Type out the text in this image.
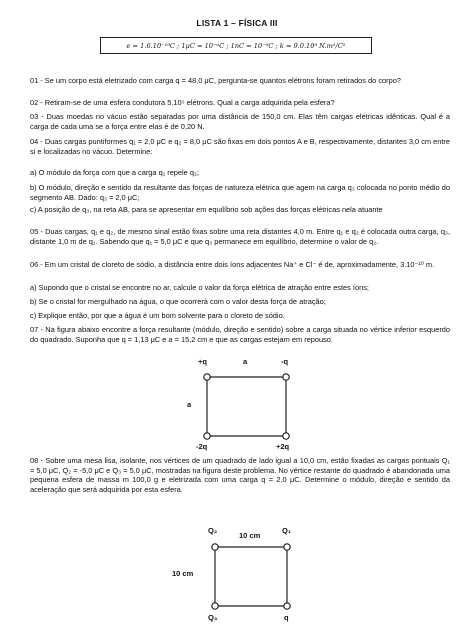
LISTA 1 – FÍSICA III
e = 1.6.10⁻¹⁹C ; 1μC = 10⁻⁶C ; 1nC = 10⁻⁹C ; k = 9.0.10⁹ N.m²/C²
01 - Se um corpo está eletrizado com carga q = 48,0 μC, pergunta-se quantos elétrons foram retirados do corpo?
02 - Retiram-se de uma esfera condutora 5.10⁵ elétrons. Qual a carga adquirida pela esfera?
03 - Duas moedas no vácuo estão separadas por uma distância de 150,0 cm. Elas têm cargas elétricas idênticas. Qual é a carga de cada uma se a força entre elas é de 0,20 N.
04 - Duas cargas puntiformes q₁ = 2,0 μC e q₂ = 8,0 μC são fixas em dois pontos A e B, respectivamente, distantes 3,0 cm entre si e localizadas no vácuo. Determine:
a) O módulo da força com que a carga q₁ repele q₂;
b) O módulo, direção e sentido da resultante das forças de natureza elétrica que agem na carga q₃ colocada no ponto médio do segmento AB. Dado: q₃ = 2,0 μC;
c) A posição de q₃, na reta AB, para se apresentar em equilíbrio sob ações das forças elétricas nela atuante
05 - Duas cargas, q₁ e q₂, de mesmo sinal estão fixas sobre uma reta distantes 4,0 m. Entre q₁ e q₂ é colocada outra carga, q₃, distante 1,0 m de q₁. Sabendo que q₁ = 5,0 μC e que q₃ permanece em equilíbrio, determine o valor de q₂.
06 - Em um cristal de cloreto de sódio, a distância entre dois íons adjacentes Na⁺ e Cl⁻ é de, aproximadamente, 3.10⁻¹⁰ m.
a) Supondo que o cristal se encontre no ar, calcule o valor da força elétrica de atração entre estes íons;
b) Se o cristal for mergulhado na água, o que ocorrerá com o valor desta força de atração;
c) Explique então, por que a água é um bom solvente para o cloreto de sódio.
07 - Na figura abaixo encontre a força resultante (módulo, direção e sentido) sobre a carga situada no vértice inferior esquerdo do quadrado. Suponha que q = 1,13 μC e a = 15,2 cm e que as cargas estejam em repouso.
+q	a	-q
a
-2q	+2q
08 - Sobre uma mesa lisa, isolante, nos vértices de um quadrado de lado igual a 10,0 cm, estão fixadas as cargas pontuais Q₁ = 5,0 μC, Q₂ = -5,0 μC e Q₃ = 5,0 μC, mostradas na figura deste problema. No vértice restante do quadrado é abandonada uma pequena esfera de massa m 100,0 g e eletrizada com uma carga q = 2,0 μC. Determine o módulo, direção e sentido da aceleração que será adquirida por esta esfera.
Q₂
10 cm
Q₁
10 cm
Q₃	q
